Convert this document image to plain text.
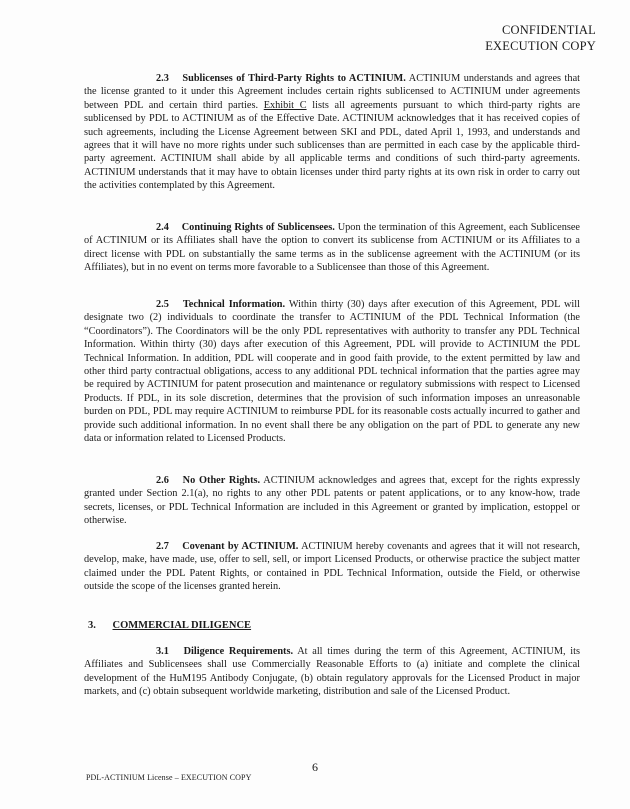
CONFIDENTIAL
EXECUTION COPY
2.3 Sublicenses of Third-Party Rights to ACTINIUM. ACTINIUM understands and agrees that the license granted to it under this Agreement includes certain rights sublicensed to ACTINIUM under agreements between PDL and certain third parties. Exhibit C lists all agreements pursuant to which third-party rights are sublicensed by PDL to ACTINIUM as of the Effective Date. ACTINIUM acknowledges that it has received copies of such agreements, including the License Agreement between SKI and PDL, dated April 1, 1993, and understands and agrees that it will have no more rights under such sublicenses than are permitted in each case by the applicable third-party agreement. ACTINIUM shall abide by all applicable terms and conditions of such third-party agreements. ACTINIUM understands that it may have to obtain licenses under third party rights at its own risk in order to carry out the activities contemplated by this Agreement.
2.4 Continuing Rights of Sublicensees. Upon the termination of this Agreement, each Sublicensee of ACTINIUM or its Affiliates shall have the option to convert its sublicense from ACTINIUM or its Affiliates to a direct license with PDL on substantially the same terms as in the sublicense agreement with the ACTINIUM (or its Affiliates), but in no event on terms more favorable to a Sublicensee than those of this Agreement.
2.5 Technical Information. Within thirty (30) days after execution of this Agreement, PDL will designate two (2) individuals to coordinate the transfer to ACTINIUM of the PDL Technical Information (the “Coordinators”). The Coordinators will be the only PDL representatives with authority to transfer any PDL Technical Information. Within thirty (30) days after execution of this Agreement, PDL will provide to ACTINIUM the PDL Technical Information. In addition, PDL will cooperate and in good faith provide, to the extent permitted by law and other third party contractual obligations, access to any additional PDL technical information that the parties agree may be required by ACTINIUM for patent prosecution and maintenance or regulatory submissions with respect to Licensed Products. If PDL, in its sole discretion, determines that the provision of such information imposes an unreasonable burden on PDL, PDL may require ACTINIUM to reimburse PDL for its reasonable costs actually incurred to gather and provide such additional information. In no event shall there be any obligation on the part of PDL to generate any new data or information related to Licensed Products.
2.6 No Other Rights. ACTINIUM acknowledges and agrees that, except for the rights expressly granted under Section 2.1(a), no rights to any other PDL patents or patent applications, or to any know-how, trade secrets, licenses, or PDL Technical Information are included in this Agreement or granted by implication, estoppel or otherwise.
2.7 Covenant by ACTINIUM. ACTINIUM hereby covenants and agrees that it will not research, develop, make, have made, use, offer to sell, sell, or import Licensed Products, or otherwise practice the subject matter claimed under the PDL Patent Rights, or contained in PDL Technical Information, outside the Field, or otherwise outside the scope of the licenses granted herein.
3. COMMERCIAL DILIGENCE
3.1 Diligence Requirements. At all times during the term of this Agreement, ACTINIUM, its Affiliates and Sublicensees shall use Commercially Reasonable Efforts to (a) initiate and complete the clinical development of the HuM195 Antibody Conjugate, (b) obtain regulatory approvals for the Licensed Product in major markets, and (c) obtain subsequent worldwide marketing, distribution and sale of the Licensed Product.
6
PDL-ACTINIUM License – EXECUTION COPY
